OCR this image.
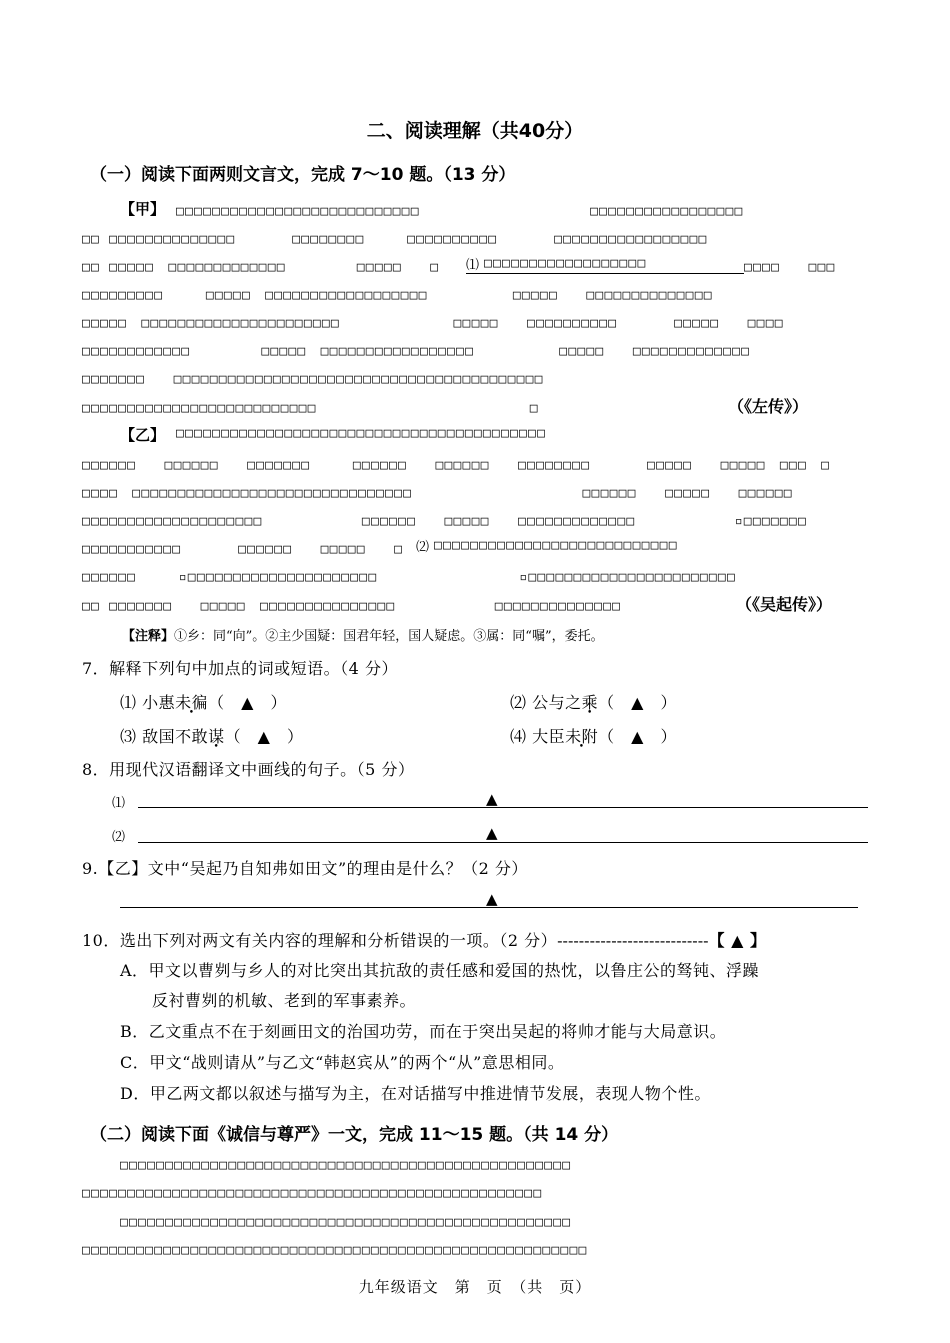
二、阅读理解（共40分）
（一）阅读下面两则文言文，完成 7～10 题。（13 分）
【甲】 □□□□□□□□□□□□□□□□□□□□□□□□□□□　　　　　　　　　　　　□□□□□□□□□□□□□□□□□
□□ □□□□□□□□□□□□□□　　　　□□□□□□□□　　　□□□□□□□□□□　　　　□□□□□□□□□□□□□□□□□
□□ □□□□□　□□□□□□□□□□□□□　　　　　□□□□□　　□ ⑴ □□□□□□□□□□□□□□□□□□	□□□□　　□□□
□□□□□□□□□　　　□□□□□　□□□□□□□□□□□□□□□□□□　　　　　　□□□□□　　□□□□□□□□□□□□□□
□□□□□　□□□□□□□□□□□□□□□□□□□□□□　　　　　　　　□□□□□　　□□□□□□□□□□　　　　□□□□□　　□□□□
□□□□□□□□□□□□　　　　　□□□□□　□□□□□□□□□□□□□□□□□　　　　　　□□□□□　　□□□□□□□□□□□□□
□□□□□□□　　□□□□□□□□□□□□□□□□□□□□□□□□□□□□□□□□□□□□□□□□□
□□□□□□□□□□□□□□□□□□□□□□□□□□　　　　　　　　　　　　　　　□	（《左传》）
【乙】 □□□□□□□□□□□□□□□□□□□□□□□□□□□□□□□□□□□□□□□□□
□□□□□□　　□□□□□□　　□□□□□□□　　　□□□□□□　　□□□□□□　　□□□□□□□□　　　　□□□□□　　□□□□□　□□□　□
□□□□　□□□□□□□□□□□□□□□□□□□□□□□□□□□□□□□　　　　　　　　　　　　□□□□□□　　□□□□□　　□□□□□□
□□□□□□□□□□□□□□□□□□□□　　　　　　　□□□□□□　　□□□□□　　□□□□□□□□□□□□□　　　　　　　▫□□□□□□□
□□□□□□□□□□□　　　　□□□□□□　　□□□□□　　□ ⑵ □□□□□□□□□□□□□□□□□□□□□□□□□□□
□□□□□□　　　▫□□□□□□□□□□□□□□□□□□□□□　　　　　　　　　　▫□□□□□□□□□□□□□□□□□□□□□□□
□□ □□□□□□□　　□□□□□　□□□□□□□□□□□□□□□　　　　　　　□□□□□□□□□□□□□□	（《吴起传》）
【注释】①乡：同“向”。②主少国疑：国君年轻，国人疑虑。③属：同“嘱”，委托。
7．解释下列句中加点的词或短语。（4 分）
⑴ 小惠未徧（　▲　）	⑵ 公与之乘（　▲　）
⑶ 敌国不敢谋（　▲　）	⑷ 大臣未附（　▲　）
8．用现代汉语翻译文中画线的句子。（5 分）
⑴	▲
⑵	▲
9.【乙】文中“吴起乃自知弗如田文”的理由是什么？（2 分）
▲
10．选出下列对两文有关内容的理解和分析错误的一项。（2 分）----------------------------【 ▲ 】
A．甲文以曹刿与乡人的对比突出其抗敌的责任感和爱国的热忱，以鲁庄公的驽钝、浮躁
反衬曹刿的机敏、老到的军事素养。
B．乙文重点不在于刻画田文的治国功劳，而在于突出吴起的将帅才能与大局意识。
C．甲文“战则请从”与乙文“韩赵宾从”的两个“从”意思相同。
D．甲乙两文都以叙述与描写为主，在对话描写中推进情节发展，表现人物个性。
（二）阅读下面《诚信与尊严》一文，完成 11～15 题。（共 14 分）
□□□□□□□□□□□□□□□□□□□□□□□□□□□□□□□□□□□□□□□□□□□□□□□□□□
□□□□□□□□□□□□□□□□□□□□□□□□□□□□□□□□□□□□□□□□□□□□□□□□□□□
□□□□□□□□□□□□□□□□□□□□□□□□□□□□□□□□□□□□□□□□□□□□□□□□□□
□□□□□□□□□□□□□□□□□□□□□□□□□□□□□□□□□□□□□□□□□□□□□□□□□□□□□□□□
九年级语文　第　页　（共　页）
